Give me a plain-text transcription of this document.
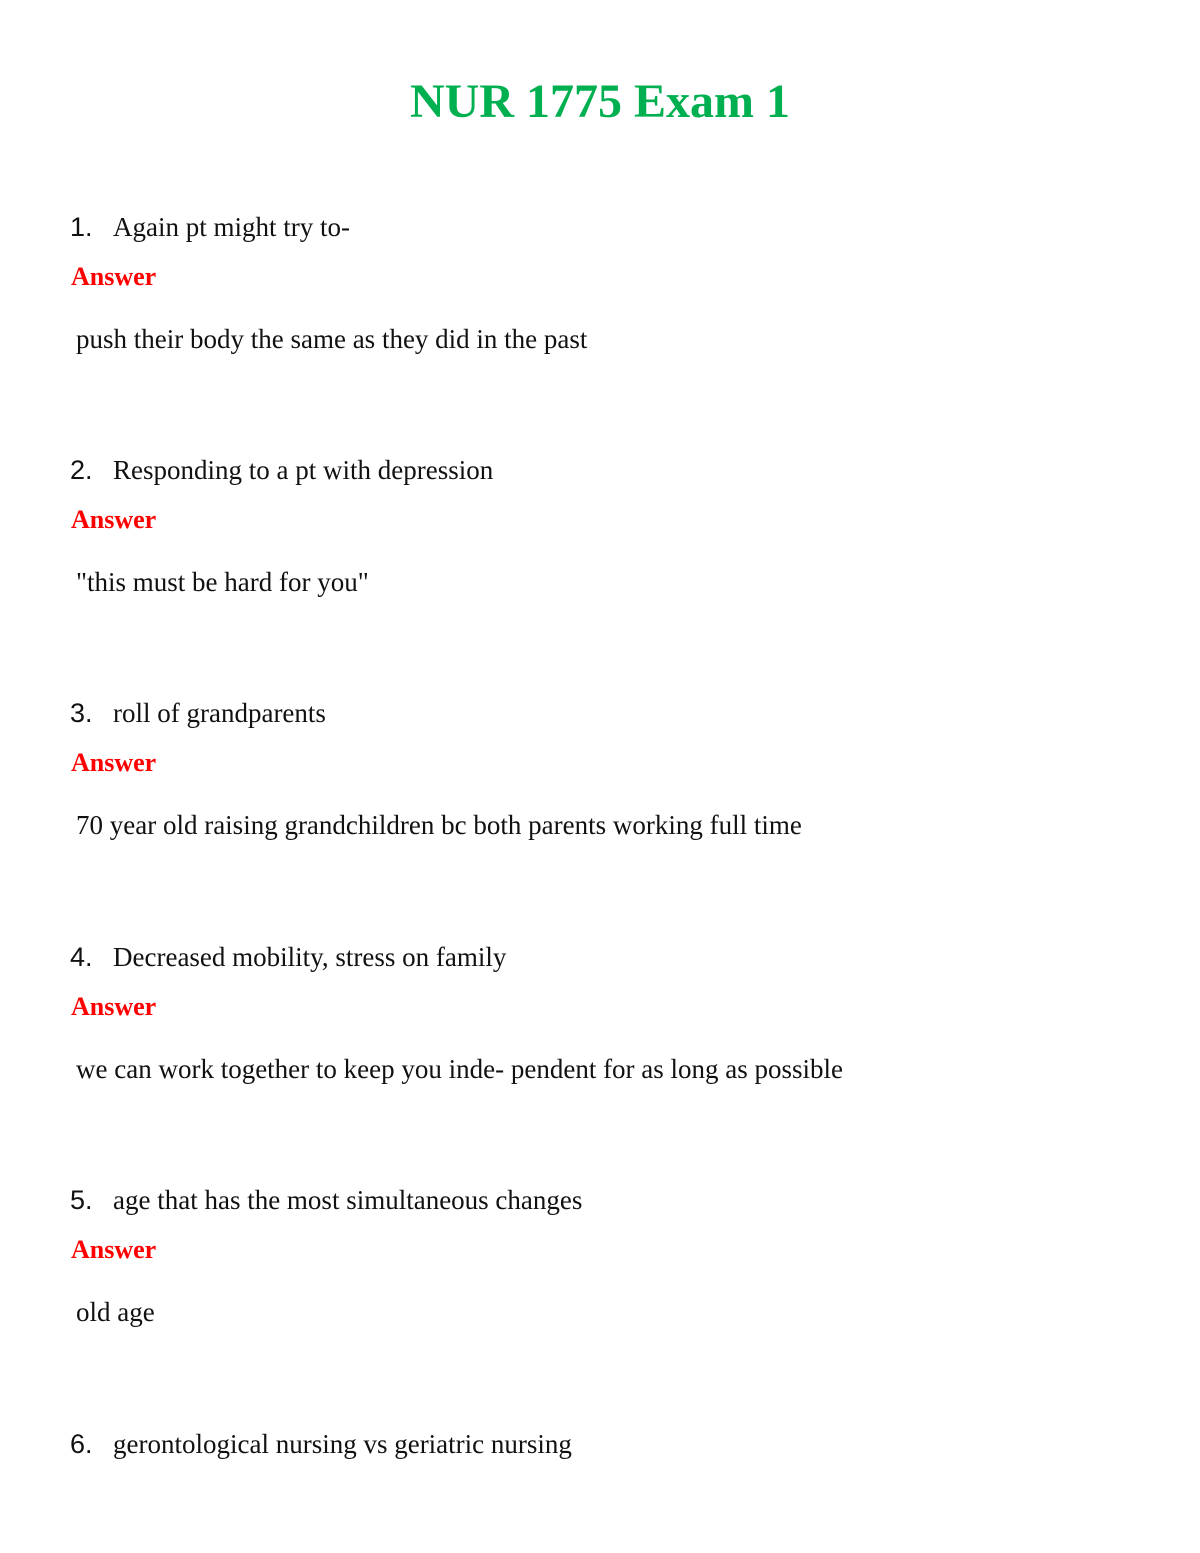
NUR 1775 Exam 1
1. Again pt might try to-
Answer
push their body the same as they did in the past
2. Responding to a pt with depression
Answer
"this must be hard for you"
3. roll of grandparents
Answer
70 year old raising grandchildren bc both parents working full time
4. Decreased mobility, stress on family
Answer
we can work together to keep you inde- pendent for as long as possible
5. age that has the most simultaneous changes
Answer
old age
6. gerontological nursing vs geriatric nursing
